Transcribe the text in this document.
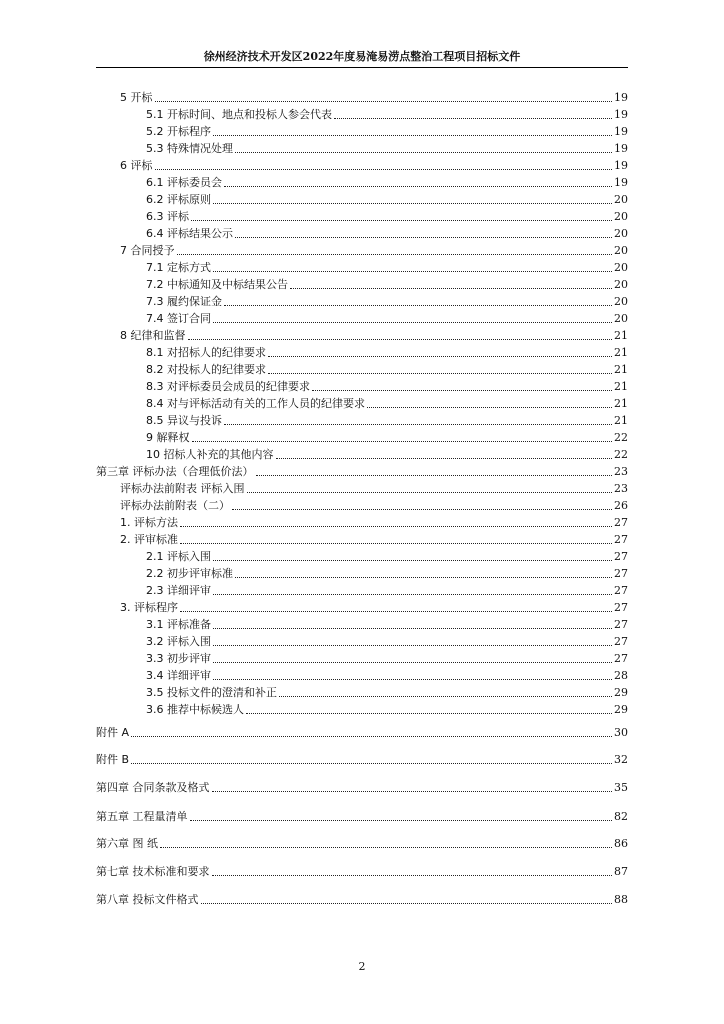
徐州经济技术开发区2022年度易淹易涝点整治工程项目招标文件
5 开标	19
5.1 开标时间、地点和投标人参会代表	19
5.2 开标程序	19
5.3 特殊情况处理	19
6 评标	19
6.1 评标委员会	19
6.2 评标原则	20
6.3 评标	20
6.4 评标结果公示	20
7 合同授予	20
7.1 定标方式	20
7.2 中标通知及中标结果公告	20
7.3 履约保证金	20
7.4 签订合同	20
8 纪律和监督	21
8.1 对招标人的纪律要求	21
8.2 对投标人的纪律要求	21
8.3 对评标委员会成员的纪律要求	21
8.4 对与评标活动有关的工作人员的纪律要求	21
8.5 异议与投诉	21
9 解释权	22
10 招标人补充的其他内容	22
第三章 评标办法（合理低价法）	23
评标办法前附表 评标入围	23
评标办法前附表（二）	26
1. 评标方法	27
2. 评审标准	27
2.1 评标入围	27
2.2 初步评审标准	27
2.3 详细评审	27
3. 评标程序	27
3.1 评标准备	27
3.2 评标入围	27
3.3 初步评审	27
3.4 详细评审	28
3.5 投标文件的澄清和补正	29
3.6 推荐中标候选人	29
附件 A	30
附件 B	32
第四章 合同条款及格式	35
第五章 工程量清单	82
第六章 图 纸	86
第七章 技术标准和要求	87
第八章 投标文件格式	88
2
